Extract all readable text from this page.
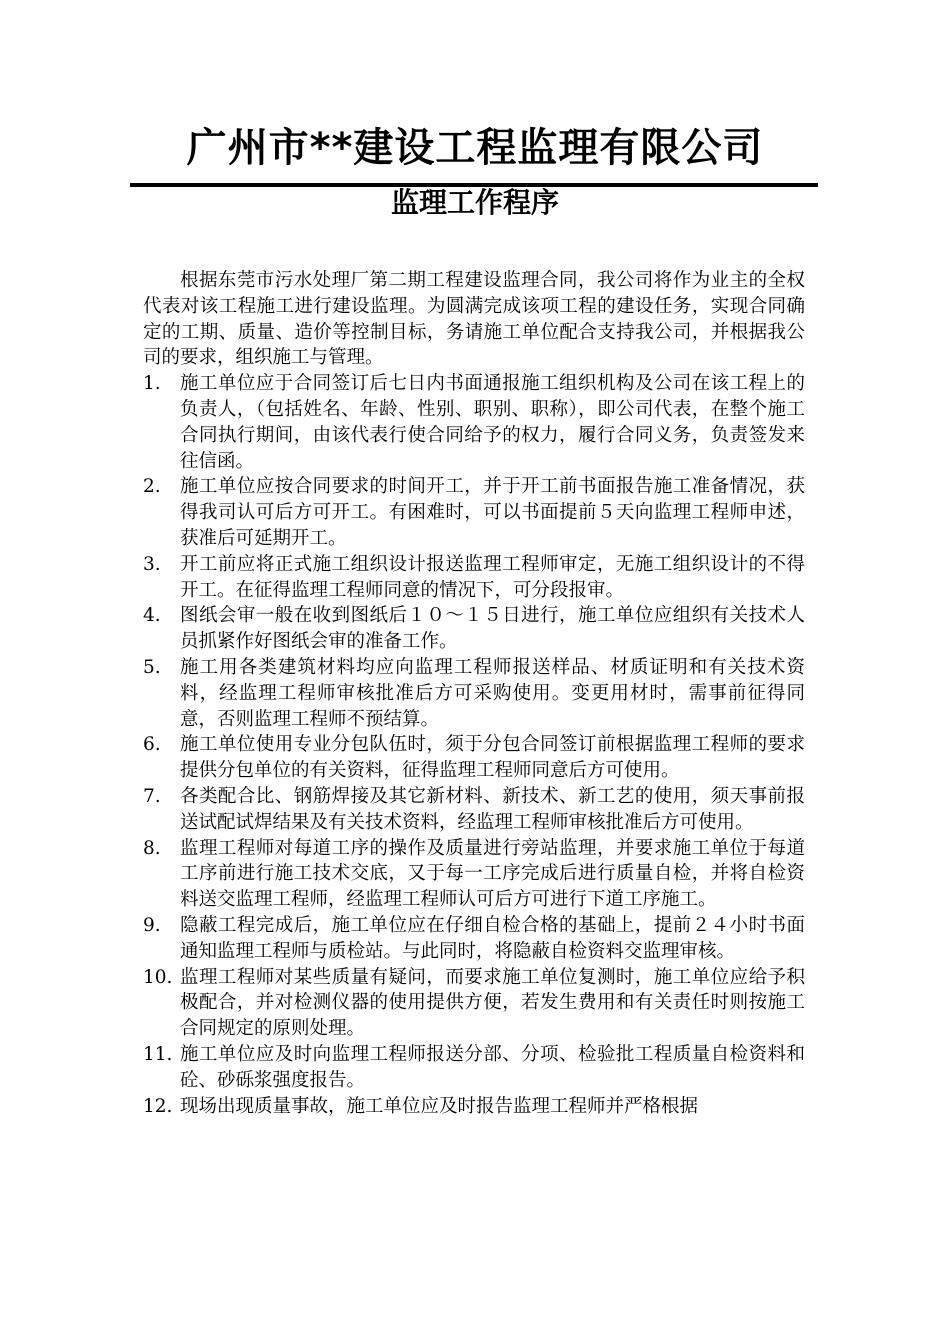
广州市**建设工程监理有限公司
监理工作程序

根据东莞市污水处理厂第二期工程建设监理合同，我公司将作为业主的全权代表对该工程施工进行建设监理。为圆满完成该项工程的建设任务，实现合同确定的工期、质量、造价等控制目标，务请施工单位配合支持我公司，并根据我公司的要求，组织施工与管理。

1.	施工单位应于合同签订后七日内书面通报施工组织机构及公司在该工程上的负责人，（包括姓名、年龄、性别、职别、职称），即公司代表，在整个施工合同执行期间，由该代表行使合同给予的权力，履行合同义务，负责签发来往信函。
2.	施工单位应按合同要求的时间开工，并于开工前书面报告施工准备情况，获得我司认可后方可开工。有困难时，可以书面提前５天向监理工程师申述，获准后可延期开工。
3.	开工前应将正式施工组织设计报送监理工程师审定，无施工组织设计的不得开工。在征得监理工程师同意的情况下，可分段报审。
4.	图纸会审一般在收到图纸后１０～１５日进行，施工单位应组织有关技术人员抓紧作好图纸会审的准备工作。
5.	施工用各类建筑材料均应向监理工程师报送样品、材质证明和有关技术资料，经监理工程师审核批准后方可采购使用。变更用材时，需事前征得同意，否则监理工程师不预结算。
6.	施工单位使用专业分包队伍时，须于分包合同签订前根据监理工程师的要求提供分包单位的有关资料，征得监理工程师同意后方可使用。
7.	各类配合比、钢筋焊接及其它新材料、新技术、新工艺的使用，须天事前报送试配试焊结果及有关技术资料，经监理工程师审核批准后方可使用。
8.	监理工程师对每道工序的操作及质量进行旁站监理，并要求施工单位于每道工序前进行施工技术交底，又于每一工序完成后进行质量自检，并将自检资料送交监理工程师，经监理工程师认可后方可进行下道工序施工。
9.	隐蔽工程完成后，施工单位应在仔细自检合格的基础上，提前２４小时书面通知监理工程师与质检站。与此同时，将隐蔽自检资料交监理审核。
10. 监理工程师对某些质量有疑问，而要求施工单位复测时，施工单位应给予积极配合，并对检测仪器的使用提供方便，若发生费用和有关责任时则按施工合同规定的原则处理。
11. 施工单位应及时向监理工程师报送分部、分项、检验批工程质量自检资料和砼、砂砾浆强度报告。
12. 现场出现质量事故，施工单位应及时报告监理工程师并严格根据
